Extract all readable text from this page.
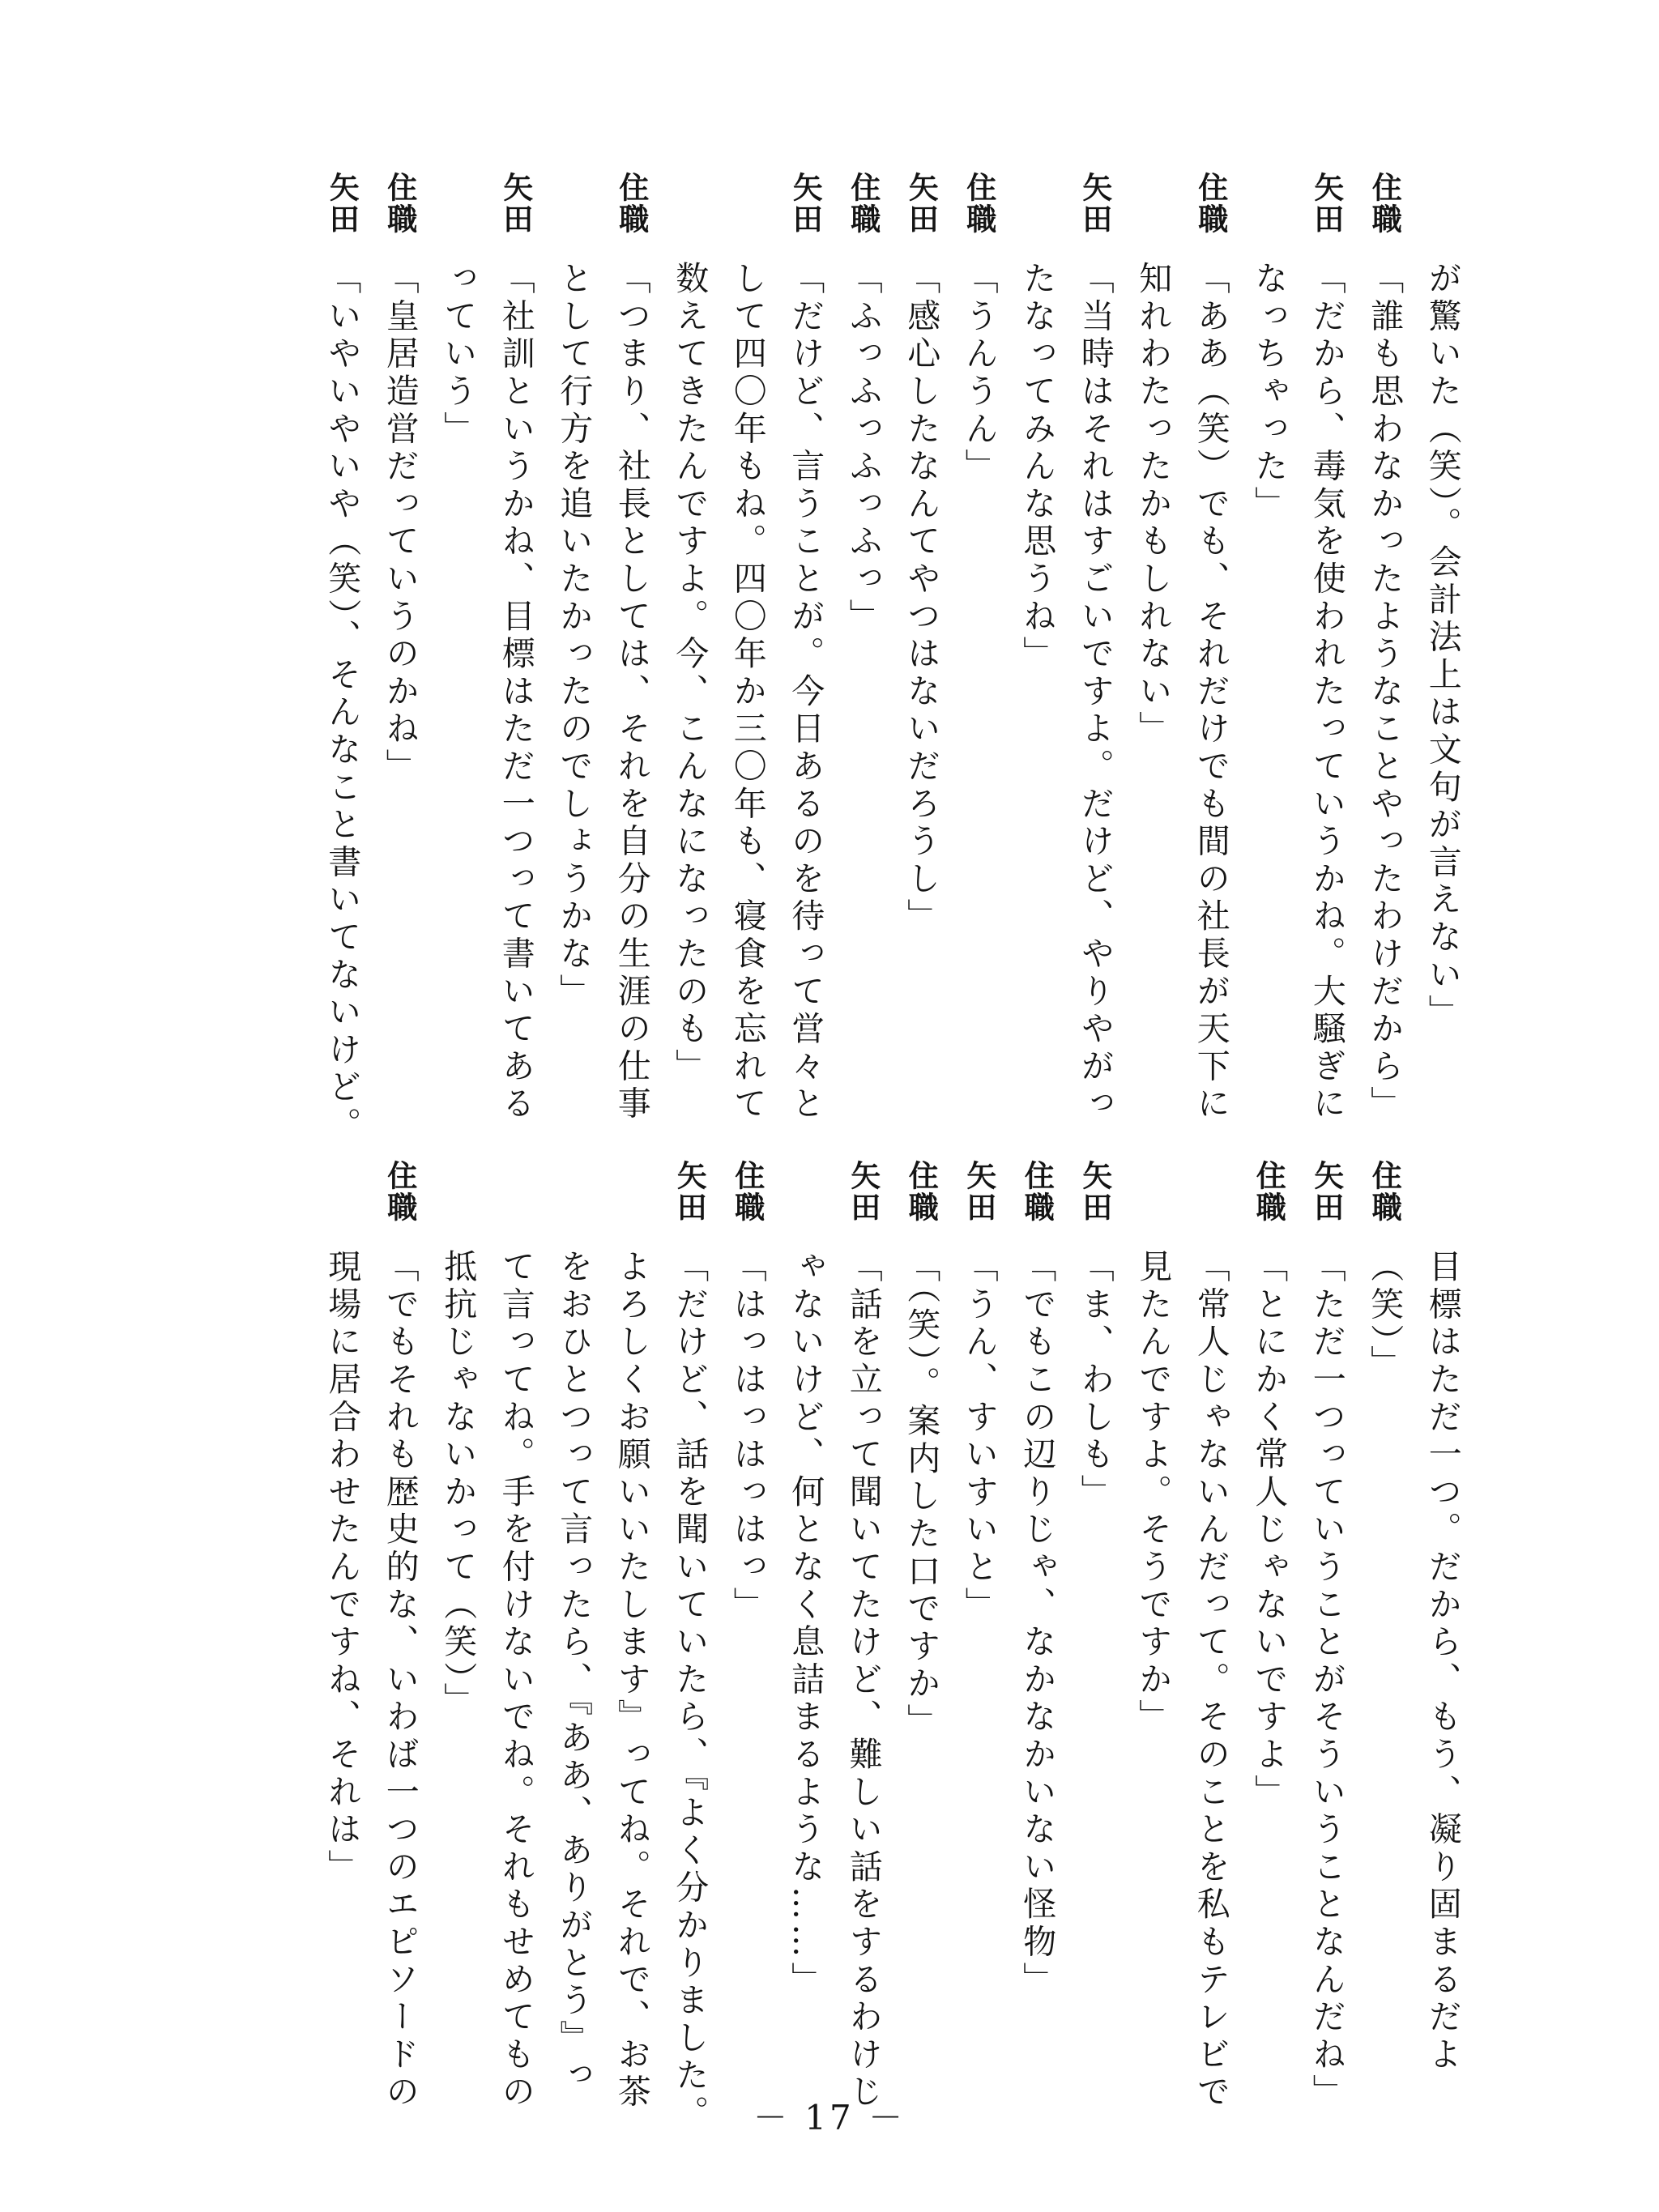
が驚いた（笑）。会計法上は文句が言えない」
住職
「誰も思わなかったようなことやったわけだから」
矢田
「だから、毒気を使われたっていうかね。大騒ぎに
なっちゃった」
住職
「ああ（笑）でも、それだけでも間の社長が天下に
知れわたったかもしれない」
矢田
「当時はそれはすごいですよ。だけど、やりやがっ
たなってみんな思うね」
住職
「うんうん」
矢田
「感心したなんてやつはないだろうし」
住職
「ふっふっふっふっ」
矢田
「だけど、言うことが。今日あるのを待って営々と
して四〇年もね。四〇年か三〇年も、寝食を忘れて
数えてきたんですよ。今、こんなになったのも」
住職
「つまり、社長としては、それを自分の生涯の仕事
として行方を追いたかったのでしょうかな」
矢田
「社訓というかね、目標はただ一つって書いてある
っていう」
住職
「皇居造営だっていうのかね」
矢田
「いやいやいや（笑）、そんなこと書いてないけど。
目標はただ一つ。だから、もう、凝り固まるだよ
住職
（笑）」
矢田
「ただ一つっていうことがそういうことなんだね」
住職
「とにかく常人じゃないですよ」
「常人じゃないんだって。そのことを私もテレビで
見たんですよ。そうですか」
矢田
「ま、わしも」
住職
「でもこの辺りじゃ、なかなかいない怪物」
矢田
「うん、すいすいと」
住職
「（笑）。案内した口ですか」
矢田
「話を立って聞いてたけど、難しい話をするわけじ
ゃないけど、何となく息詰まるような……」
住職
「はっはっはっはっ」
矢田
「だけど、話を聞いていたら、『よく分かりました。
よろしくお願いいたします』ってね。それで、お茶
をおひとつって言ったら、『ああ、ありがとう』っ
て言ってね。手を付けないでね。それもせめてもの
抵抗じゃないかって（笑）」
住職
「でもそれも歴史的な、いわば一つのエピソードの
現場に居合わせたんですね、それは」
－ 17 －
